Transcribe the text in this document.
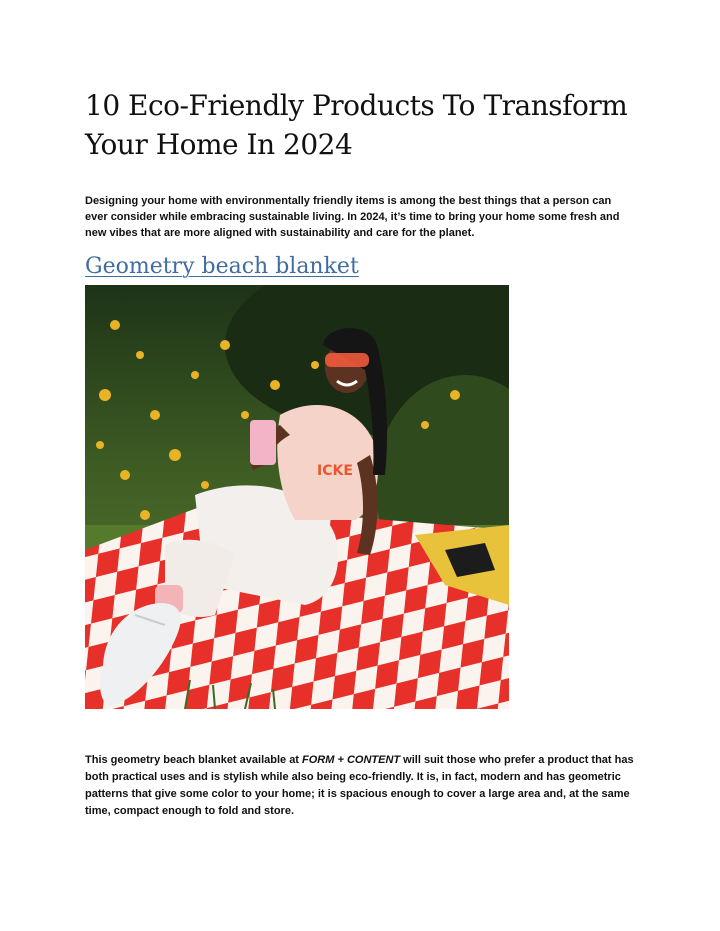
10 Eco-Friendly Products To Transform Your Home In 2024

Designing your home with environmentally friendly items is among the best things that a person can ever consider while embracing sustainable living. In 2024, it’s time to bring your home some fresh and new vibes that are more aligned with sustainability and care for the planet.

Geometry beach blanket
ICKE

This geometry beach blanket available at FORM + CONTENT will suit those who prefer a product that has both practical uses and is stylish while also being eco-friendly. It is, in fact, modern and has geometric patterns that give some color to your home; it is spacious enough to cover a large area and, at the same time, compact enough to fold and store.
